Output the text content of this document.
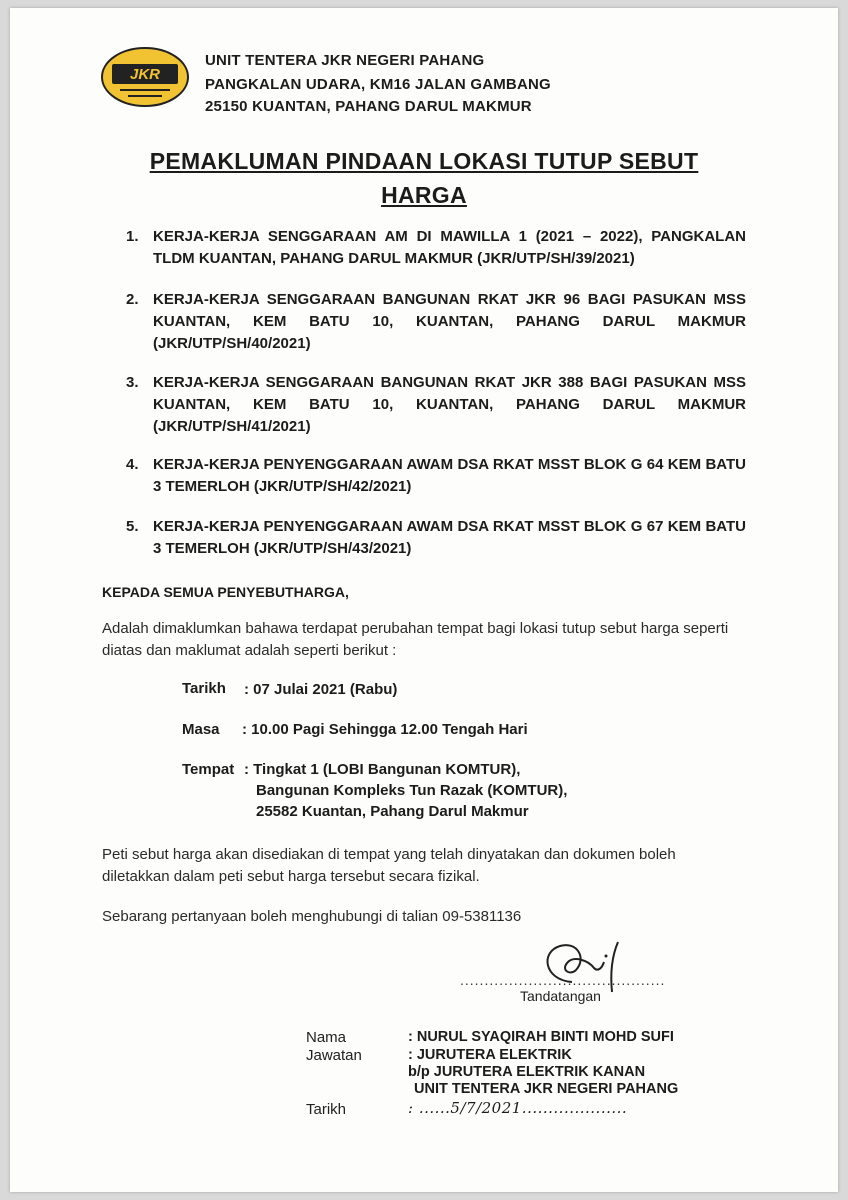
JKR
UNIT TENTERA JKR NEGERI PAHANG
PANGKALAN UDARA, KM16 JALAN GAMBANG
25150 KUANTAN, PAHANG DARUL MAKMUR
PEMAKLUMAN PINDAAN LOKASI TUTUP SEBUT
HARGA
1. KERJA-KERJA SENGGARAAN AM DI MAWILLA 1 (2021 – 2022), PANGKALAN TLDM KUANTAN, PAHANG DARUL MAKMUR (JKR/UTP/SH/39/2021)
2. KERJA-KERJA SENGGARAAN BANGUNAN RKAT JKR 96 BAGI PASUKAN MSS KUANTAN, KEM BATU 10, KUANTAN, PAHANG DARUL MAKMUR (JKR/UTP/SH/40/2021)
3. KERJA-KERJA SENGGARAAN BANGUNAN RKAT JKR 388 BAGI PASUKAN MSS KUANTAN, KEM BATU 10, KUANTAN, PAHANG DARUL MAKMUR (JKR/UTP/SH/41/2021)
4. KERJA-KERJA PENYENGGARAAN AWAM DSA RKAT MSST BLOK G 64 KEM BATU 3 TEMERLOH (JKR/UTP/SH/42/2021)
5. KERJA-KERJA PENYENGGARAAN AWAM DSA RKAT MSST BLOK G 67 KEM BATU 3 TEMERLOH (JKR/UTP/SH/43/2021)
KEPADA SEMUA PENYEBUTHARGA,
Adalah dimaklumkan bahawa terdapat perubahan tempat bagi lokasi tutup sebut harga seperti diatas dan maklumat adalah seperti berikut :
Tarikh : 07 Julai 2021 (Rabu)
Masa : 10.00 Pagi Sehingga 12.00 Tengah Hari
Tempat : Tingkat 1 (LOBI Bangunan KOMTUR),
Bangunan Kompleks Tun Razak (KOMTUR),
25582 Kuantan, Pahang Darul Makmur
Peti sebut harga akan disediakan di tempat yang telah dinyatakan dan dokumen boleh diletakkan dalam peti sebut harga tersebut secara fizikal.
Sebarang pertanyaan boleh menghubungi di talian 09-5381136
..........................................
Tandatangan
Nama	: NURUL SYAQIRAH BINTI MOHD SUFI
Jawatan	: JURUTERA ELEKTRIK
b/p JURUTERA ELEKTRIK KANAN
UNIT TENTERA JKR NEGERI PAHANG
Tarikh	: ......5/7/2021....................
